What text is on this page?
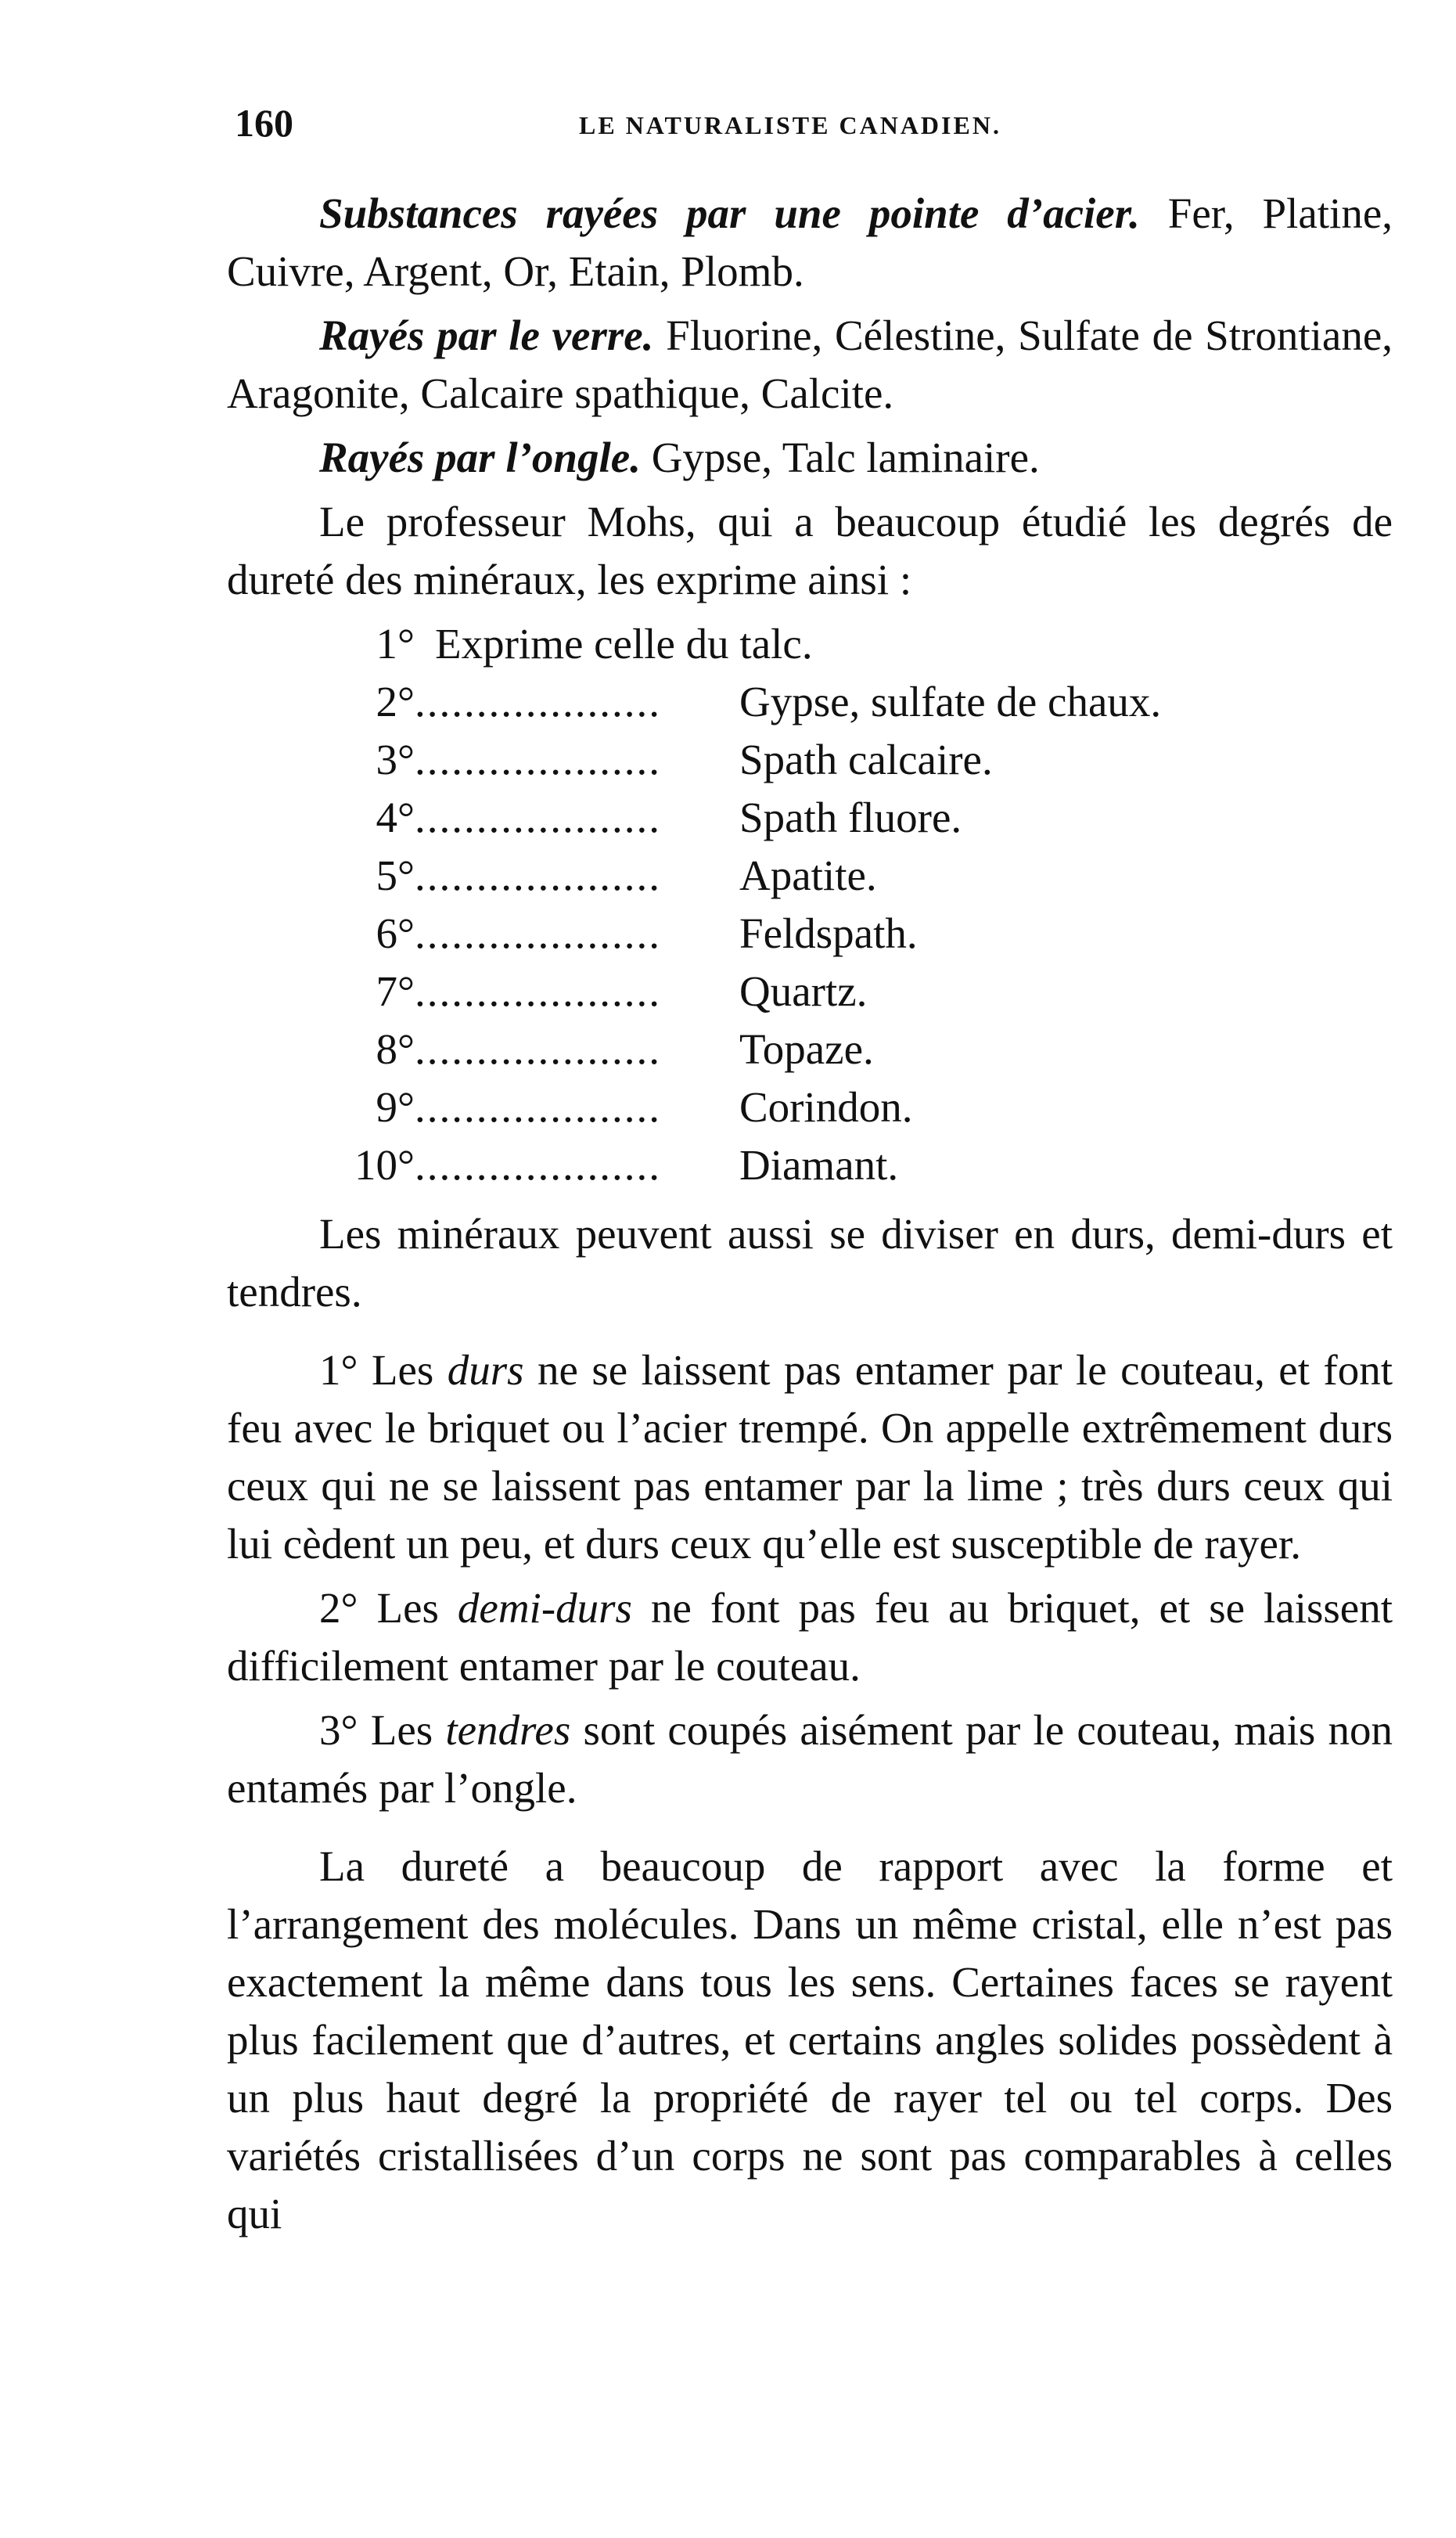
160	LE NATURALISTE CANADIEN.

Substances rayées par une pointe d’acier. Fer, Platine, Cuivre, Argent, Or, Etain, Plomb.

Rayés par le verre. Fluorine, Célestine, Sulfate de Strontiane, Aragonite, Calcaire spathique, Calcite.

Rayés par l’ongle. Gypse, Talc laminaire.

Le professeur Mohs, qui a beaucoup étudié les degrés de dureté des minéraux, les exprime ainsi :

1° Exprime celle du talc.
2° ....................	Gypse, sulfate de chaux.
3° ....................	Spath calcaire.
4° ....................	Spath fluore.
5° ....................	Apatite.
6° ....................	Feldspath.
7° ....................	Quartz.
8° ....................	Topaze.
9° ....................	Corindon.
10° ....................	Diamant.

Les minéraux peuvent aussi se diviser en durs, demi-durs et tendres.

1° Les durs ne se laissent pas entamer par le couteau, et font feu avec le briquet ou l’acier trempé. On appelle extrêmement durs ceux qui ne se laissent pas entamer par la lime ; très durs ceux qui lui cèdent un peu, et durs ceux qu’elle est susceptible de rayer.

2° Les demi-durs ne font pas feu au briquet, et se laissent difficilement entamer par le couteau.

3° Les tendres sont coupés aisément par le couteau, mais non entamés par l’ongle.

La dureté a beaucoup de rapport avec la forme et l’arrangement des molécules. Dans un même cristal, elle n’est pas exactement la même dans tous les sens. Certaines faces se rayent plus facilement que d’autres, et certains angles solides possèdent à un plus haut degré la propriété de rayer tel ou tel corps. Des variétés cristallisées d’un corps ne sont pas comparables à celles qui
